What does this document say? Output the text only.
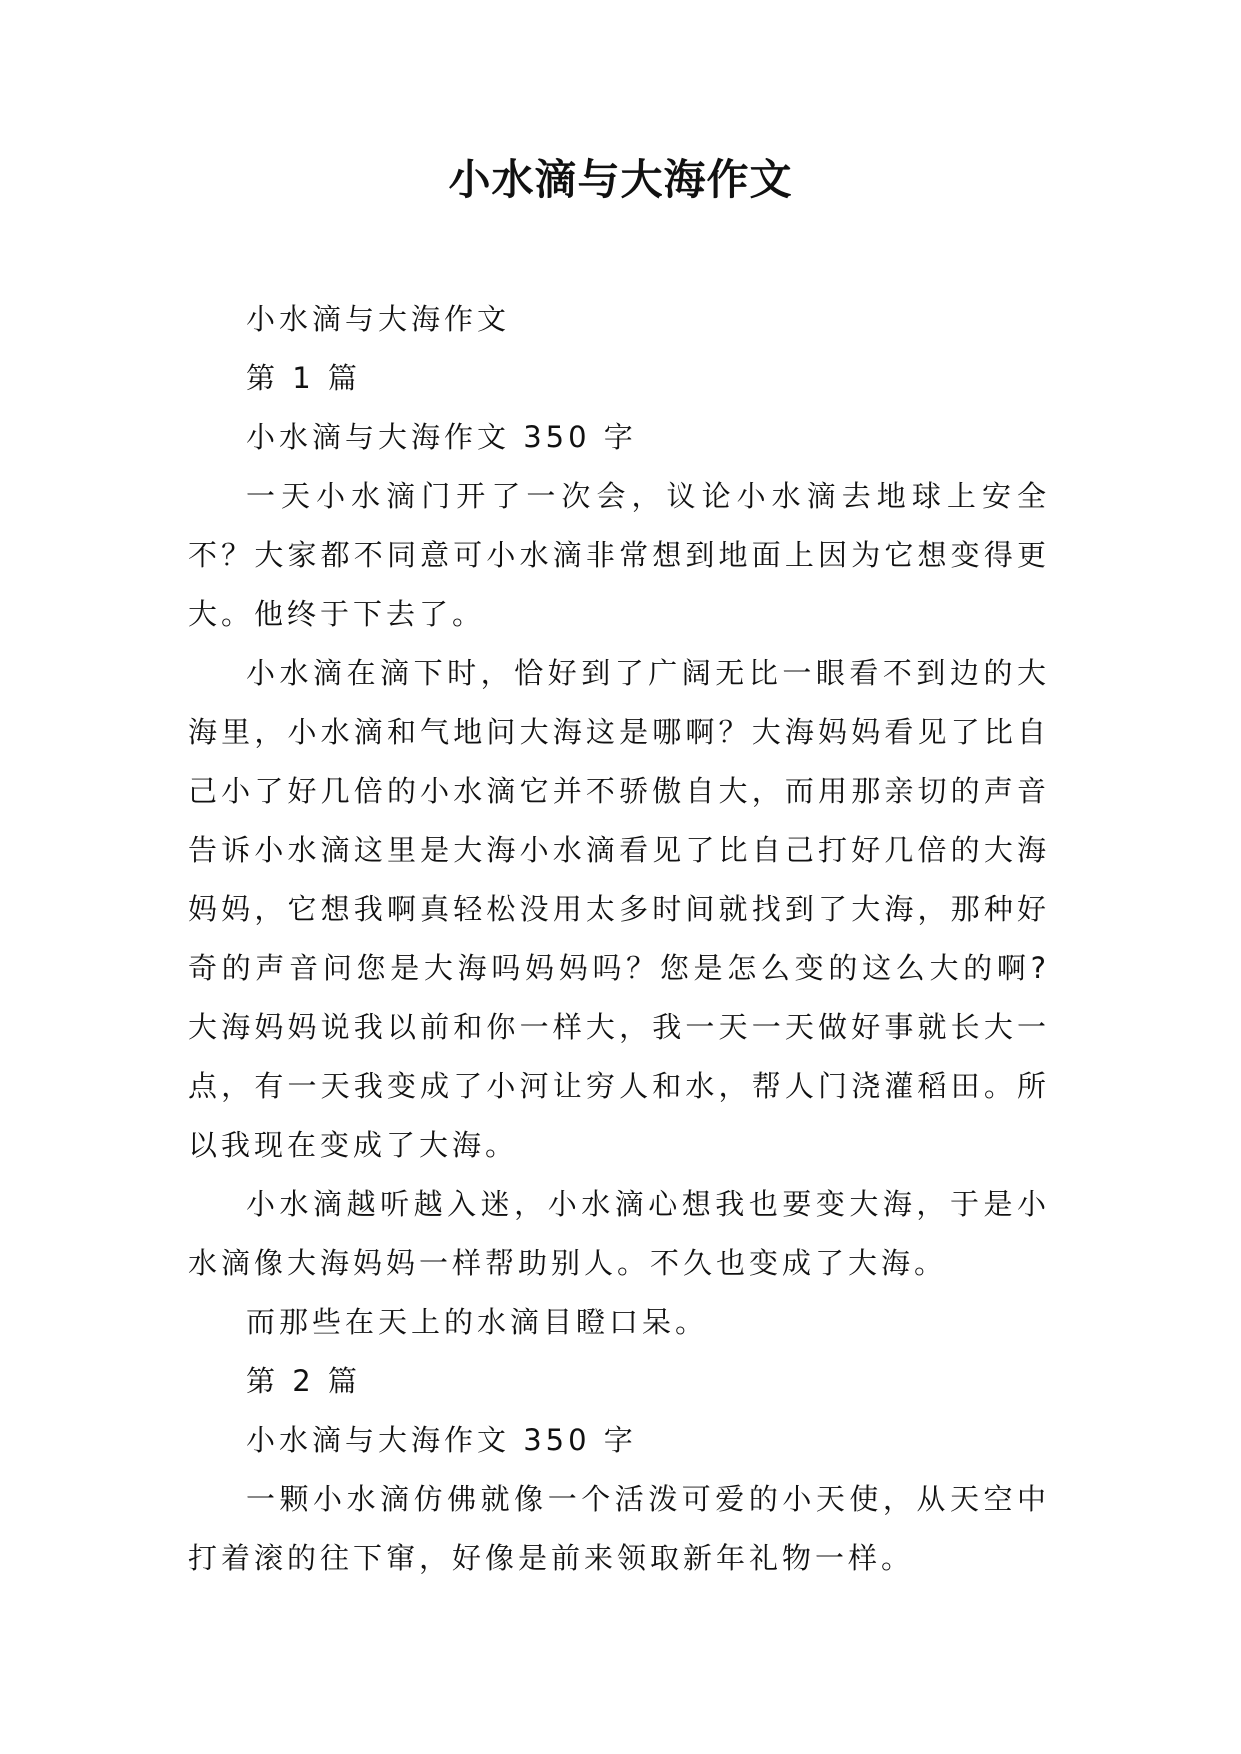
小水滴与大海作文

小水滴与大海作文

第 1 篇

小水滴与大海作文 350 字

一天小水滴门开了一次会，议论小水滴去地球上安全不？大家都不同意可小水滴非常想到地面上因为它想变得更大。他终于下去了。

小水滴在滴下时，恰好到了广阔无比一眼看不到边的大海里，小水滴和气地问大海这是哪啊？大海妈妈看见了比自己小了好几倍的小水滴它并不骄傲自大，而用那亲切的声音告诉小水滴这里是大海小水滴看见了比自己打好几倍的大海妈妈，它想我啊真轻松没用太多时间就找到了大海，那种好奇的声音问您是大海吗妈妈吗？您是怎么变的这么大的啊?大海妈妈说我以前和你一样大，我一天一天做好事就长大一点，有一天我变成了小河让穷人和水，帮人门浇灌稻田。所以我现在变成了大海。

小水滴越听越入迷，小水滴心想我也要变大海，于是小水滴像大海妈妈一样帮助别人。不久也变成了大海。

而那些在天上的水滴目瞪口呆。

第 2 篇

小水滴与大海作文 350 字

一颗小水滴仿佛就像一个活泼可爱的小天使，从天空中打着滚的往下窜，好像是前来领取新年礼物一样。
